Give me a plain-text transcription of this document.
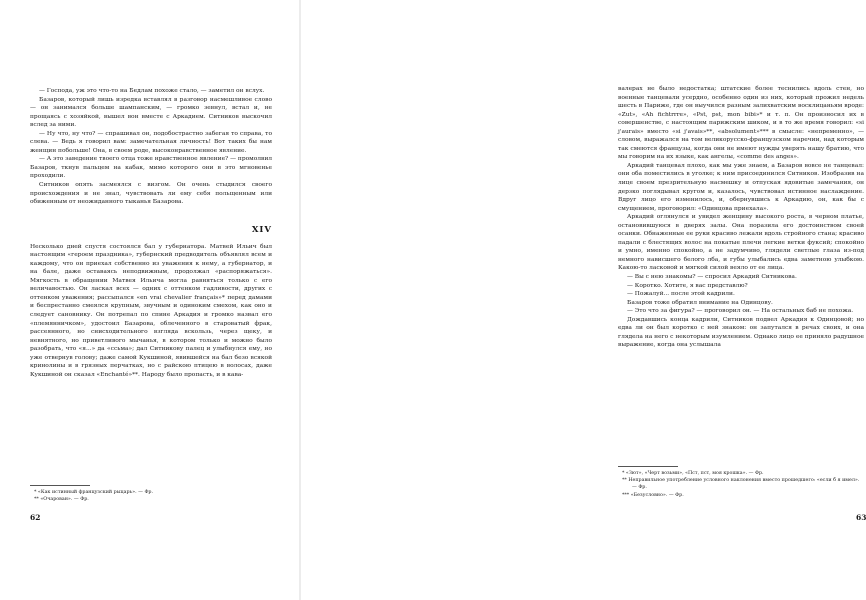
— Господа, уж это что-то на Бедлам похоже стало, — заметил он вслух.

Базаров, который лишь изредка вставлял в разговор насмешливое слово — он занимался больше шампанским, — громко зевнул, встал и, не прощаясь с хозяйкой, вышел вон вместе с Аркадием. Ситников выскочил вслед за ними.

— Ну что, ну что? — спрашивал он, подобострастно забегая то справа, то слева. — Ведь я говорил вам: замечательная личность! Вот таких бы нам женщин побольше! Она, в своем роде, высоконравственное явление.

— А это заведение твоего отца тоже нравственное явление? — промолвил Базаров, ткнув пальцем на кабак, мимо которого они в это мгновенье проходили.

Ситников опять засмеялся с визгом. Он очень стыдился своего происхождения и не знал, чувствовать ли ему себя польщенным или обиженным от неожиданного тыканья Базарова.

XIV

Несколько дней спустя состоялся бал у губернатора. Матвей Ильич был настоящим «героем праздника», губернский предводитель объявлял всем и каждому, что он приехал собственно из уважения к нему, а губернатор, и на бале, даже оставаясь неподвижным, продолжал «распоряжаться». Мягкость в обращении Матвея Ильича могла равняться только с его величавостью. Он ласкал всех — одних с оттенком гадливости, других с оттенком уважения; рассыпался «en vrai chevalier français»* перед дамами и беспрестанно смеялся крупным, звучным и одиноким смехом, как оно и следует сановнику. Он потрепал по спине Аркадия и громко назвал его «племянничком», удостоил Базарова, облеченного в староватый фрак, рассеянного, но снисходительного взгляда вскользь, через щеку, и невнятного, но приветливого мычанья, в котором только и можно было разобрать, что «я...» да «ссьма»; дал Ситникову палец и улыбнулся ему, но уже отвернув голову; даже самой Кукшиной, явившейся на бал безо всякой кринолины и в грязных перчатках, но с райскою птицею в волосах, даже Кукшиной он сказал «Enchanté»**. Народу было пропасть, и в кава-

* «Как истинный французский рыцарь». — Фр.

** «Очарован». — Фр.

62

валерах не было недостатка; штатские более теснились вдоль стен, но военные танцевали усердно, особенно один из них, который прожил недель шесть в Париже, где он выучился разным залихватским восклицаньям вроде: «Zut», «Ah fichtrrre», «Pst, pst, mon bibi»* и т. п. Он произносил их в совершенстве, с настоящим парижским шиком, и в то же время говорил: «si j'aurais» вместо «si j'avais»**, «absolument»*** в смысле: «непременно», — словом, выражался на том великорусско-французском наречии, над которым так смеются французы, когда они не имеют нужды уверять нашу братию, что мы говорим на их языке, как ангелы, «comme des anges».

Аркадий танцевал плохо, как мы уже знаем, а Базаров вовсе не танцевал: они оба поместились в уголке; к ним присоединился Ситников. Изобразив на лице своем презрительную насмешку и отпуская ядовитые замечания, он дерзко поглядывал кругом и, казалось, чувствовал истинное наслаждение. Вдруг лицо его изменилось, и, обернувшись к Аркадию, он, как бы с смущением, проговорил: «Одинцова приехала».

Аркадий оглянулся и увидел женщину высокого роста, в черном платье, остановившуюся в дверях залы. Она поразила его достоинством своей осанки. Обнаженные ее руки красиво лежали вдоль стройного стана; красиво падали с блестящих волос на покатые плечи легкие ветки фуксий; спокойно и умно, именно спокойно, а не задумчиво, глядели светлые глаза из-под немного нависшего белого лба, и губы улыбались едва заметною улыбкою. Какою-то ласковой и мягкой силой веяло от ее лица.

— Вы с нею знакомы? — спросил Аркадий Ситникова.

— Коротко. Хотите, я вас представлю?

— Пожалуй... после этой кадрили.

Базаров тоже обратил внимание на Одинцову.

— Это что за фигура? — проговорил он. — На остальных баб не похожа.

Дождавшись конца кадрили, Ситников подвел Аркадия к Одинцовой; но едва ли он был коротко с ней знаком: он запутался в речах своих, и она глядела на него с некоторым изумлением. Однако лицо ее приняло радушное выражение, когда она услышала

* «Зют», «Черт возьми», «Пст, пст, моя крошка». — Фр.

** Неправильное употребление условного наклонения вместо прошедшего: «если б я имел». — Фр.

*** «Безусловно». — Фр.

63
